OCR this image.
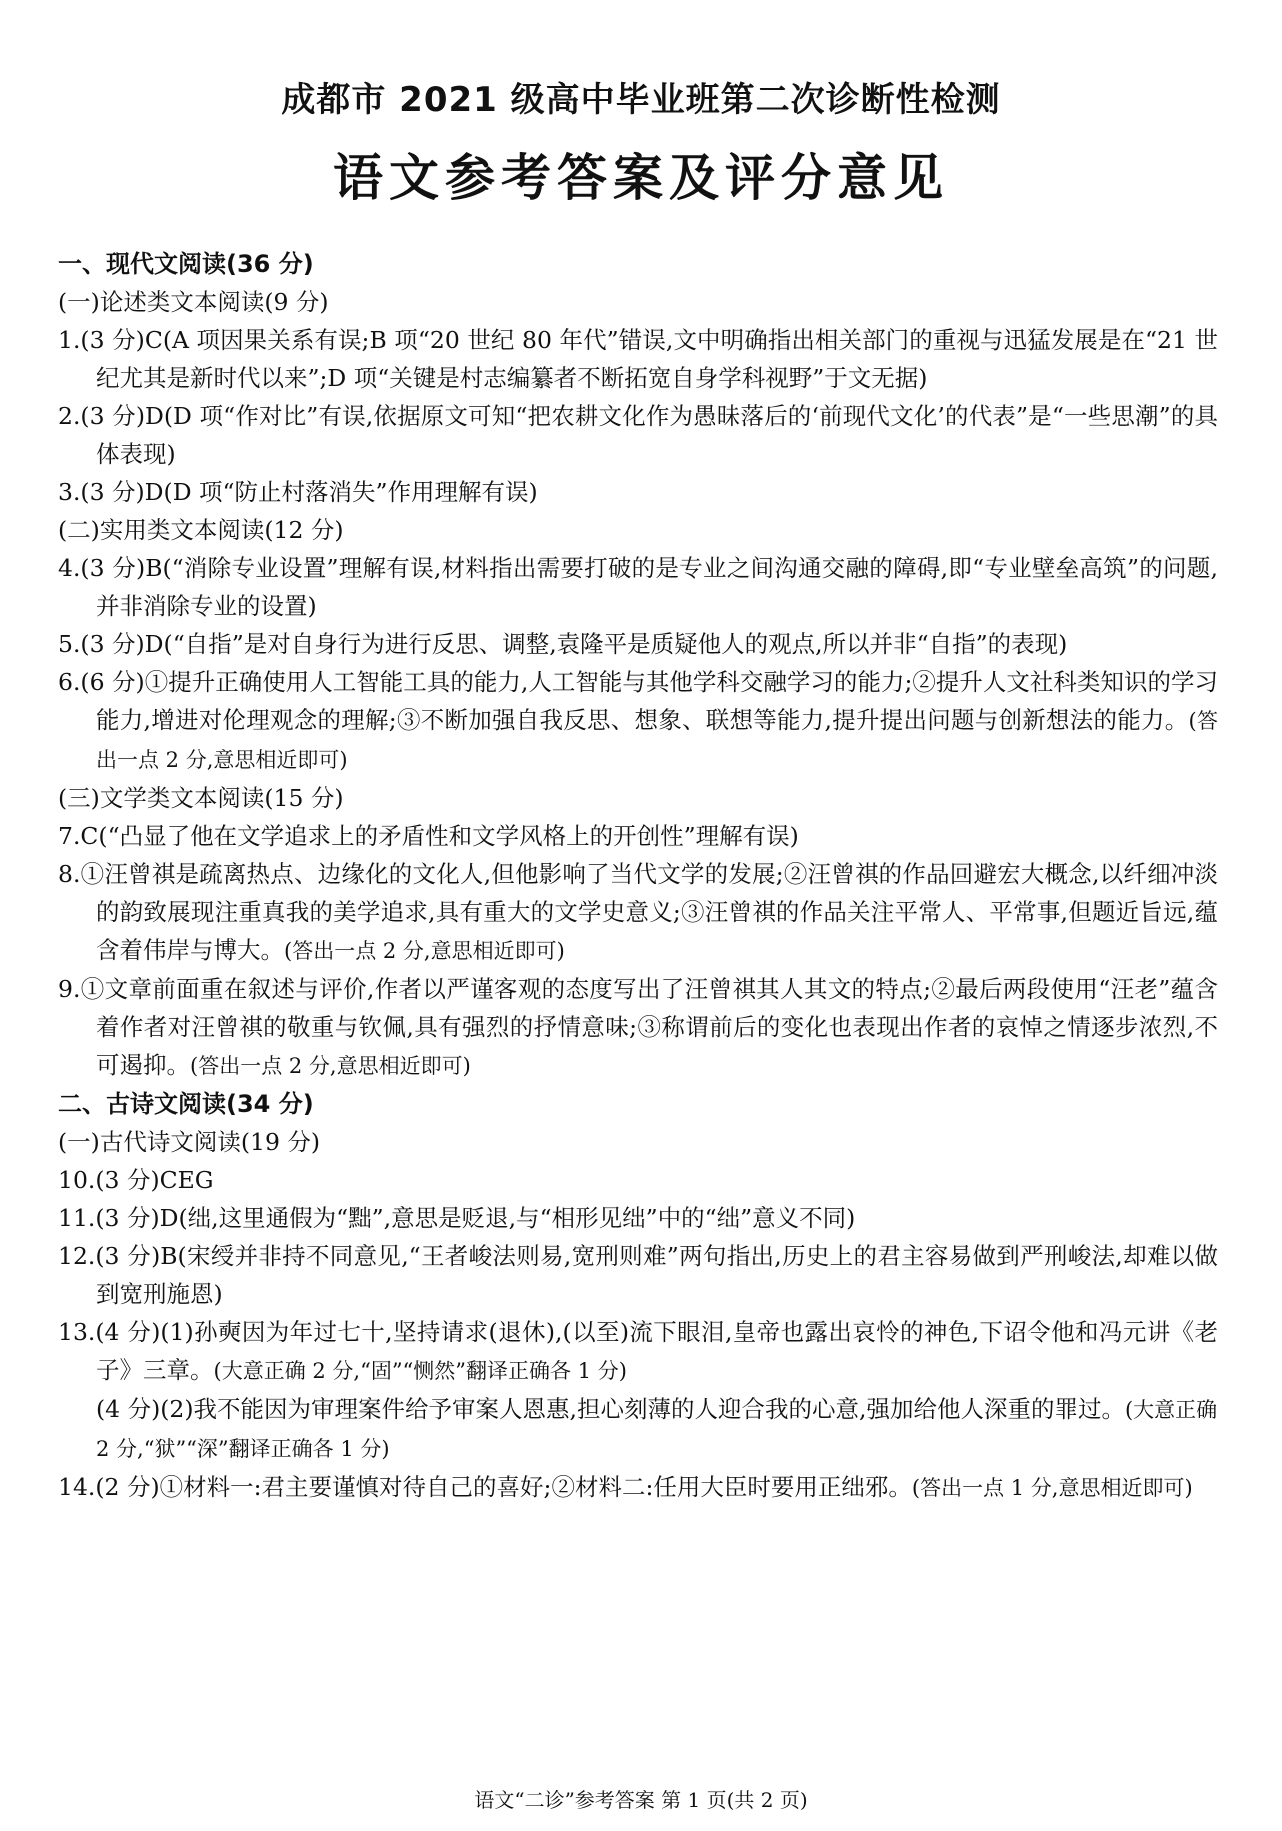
成都市 2021 级高中毕业班第二次诊断性检测
语文参考答案及评分意见
一、现代文阅读(36 分)
(一)论述类文本阅读(9 分)
1.(3 分)C(A 项因果关系有误;B 项“20 世纪 80 年代”错误,文中明确指出相关部门的重视与迅猛发展是在“21 世纪尤其是新时代以来”;D 项“关键是村志编纂者不断拓宽自身学科视野”于文无据)
2.(3 分)D(D 项“作对比”有误,依据原文可知“把农耕文化作为愚昧落后的‘前现代文化’的代表”是“一些思潮”的具体表现)
3.(3 分)D(D 项“防止村落消失”作用理解有误)
(二)实用类文本阅读(12 分)
4.(3 分)B(“消除专业设置”理解有误,材料指出需要打破的是专业之间沟通交融的障碍,即“专业壁垒高筑”的问题,并非消除专业的设置)
5.(3 分)D(“自指”是对自身行为进行反思、调整,袁隆平是质疑他人的观点,所以并非“自指”的表现)
6.(6 分)①提升正确使用人工智能工具的能力,人工智能与其他学科交融学习的能力;②提升人文社科类知识的学习能力,增进对伦理观念的理解;③不断加强自我反思、想象、联想等能力,提升提出问题与创新想法的能力。(答出一点 2 分,意思相近即可)
(三)文学类文本阅读(15 分)
7.C(“凸显了他在文学追求上的矛盾性和文学风格上的开创性”理解有误)
8.①汪曾祺是疏离热点、边缘化的文化人,但他影响了当代文学的发展;②汪曾祺的作品回避宏大概念,以纤细冲淡的韵致展现注重真我的美学追求,具有重大的文学史意义;③汪曾祺的作品关注平常人、平常事,但题近旨远,蕴含着伟岸与博大。(答出一点 2 分,意思相近即可)
9.①文章前面重在叙述与评价,作者以严谨客观的态度写出了汪曾祺其人其文的特点;②最后两段使用“汪老”蕴含着作者对汪曾祺的敬重与钦佩,具有强烈的抒情意味;③称谓前后的变化也表现出作者的哀悼之情逐步浓烈,不可遏抑。(答出一点 2 分,意思相近即可)
二、古诗文阅读(34 分)
(一)古代诗文阅读(19 分)
10.(3 分)CEG
11.(3 分)D(绌,这里通假为“黜”,意思是贬退,与“相形见绌”中的“绌”意义不同)
12.(3 分)B(宋绶并非持不同意见,“王者峻法则易,宽刑则难”两句指出,历史上的君主容易做到严刑峻法,却难以做到宽刑施恩)
13.(4 分)(1)孙奭因为年过七十,坚持请求(退休),(以至)流下眼泪,皇帝也露出哀怜的神色,下诏令他和冯元讲《老子》三章。(大意正确 2 分,“固”“恻然”翻译正确各 1 分)
(4 分)(2)我不能因为审理案件给予审案人恩惠,担心刻薄的人迎合我的心意,强加给他人深重的罪过。(大意正确 2 分,“狱”“深”翻译正确各 1 分)
14.(2 分)①材料一:君主要谨慎对待自己的喜好;②材料二:任用大臣时要用正绌邪。(答出一点 1 分,意思相近即可)
语文“二诊”参考答案 第 1 页(共 2 页)
